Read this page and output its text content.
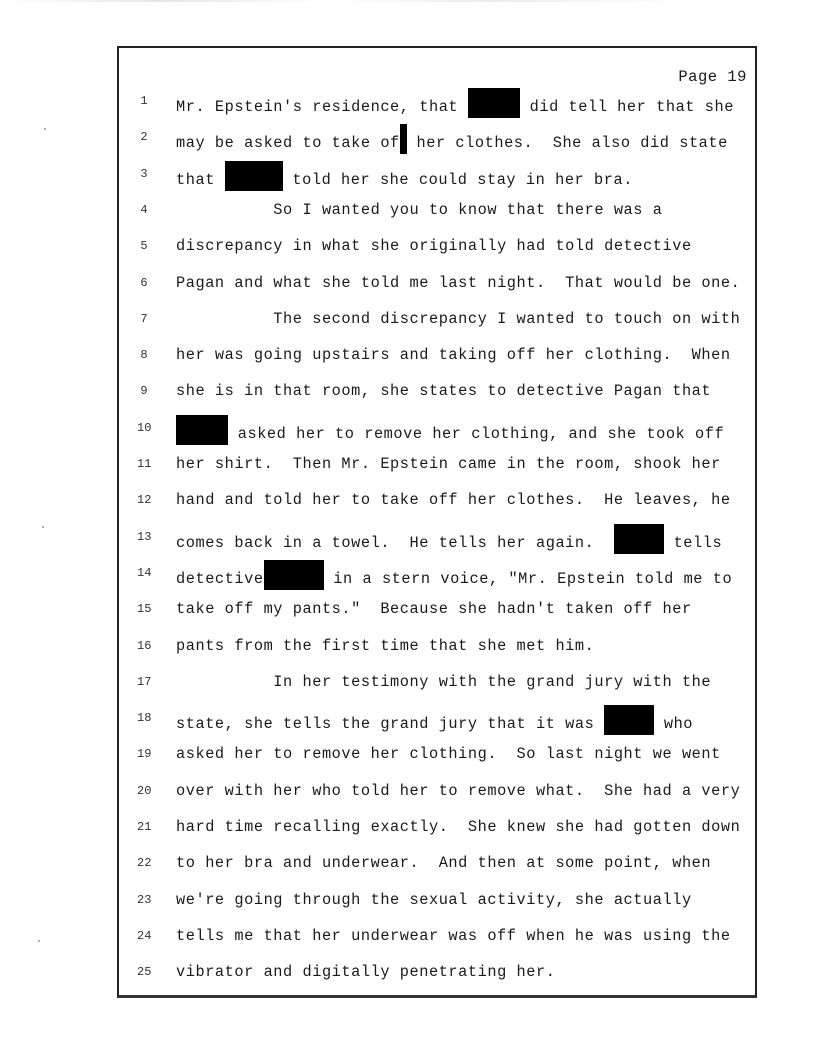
Page 19
1 Mr. Epstein's residence, that	did tell her that she
2 may be asked to take of her clothes.  She also did state
3 that	told her she could stay in her bra.
4 So I wanted you to know that there was a
5 discrepancy in what she originally had told detective
6 Pagan and what she told me last night.  That would be one.
7 The second discrepancy I wanted to touch on with
8 her was going upstairs and taking off her clothing.  When
9 she is in that room, she states to detective Pagan that
10	asked her to remove her clothing, and she took off
11 her shirt.  Then Mr. Epstein came in the room, shook her
12 hand and told her to take off her clothes.  He leaves, he
13 comes back in a towel.  He tells her again.	tells
14 detective	in a stern voice, "Mr. Epstein told me to
15 take off my pants."  Because she hadn't taken off her
16 pants from the first time that she met him.
17 In her testimony with the grand jury with the
18 state, she tells the grand jury that it was	who
19 asked her to remove her clothing.  So last night we went
20 over with her who told her to remove what.  She had a very
21 hard time recalling exactly.  She knew she had gotten down
22 to her bra and underwear.  And then at some point, when
23 we're going through the sexual activity, she actually
24 tells me that her underwear was off when he was using the
25 vibrator and digitally penetrating her.
